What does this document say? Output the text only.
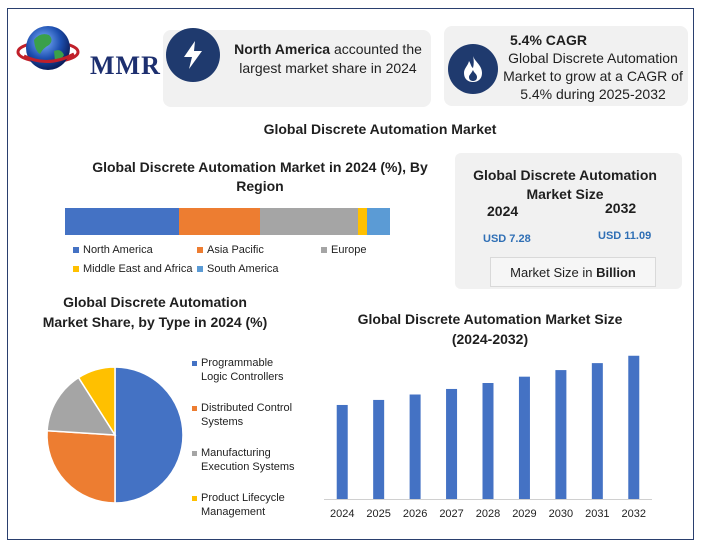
MMR
North America accounted the largest market share in 2024
5.4% CAGR
Global Discrete Automation Market to grow at a CAGR of 5.4% during 2025-2032
Global Discrete Automation Market
Global Discrete Automation Market in 2024 (%), By Region
North America	Asia Pacific	Europe
Middle East and Africa South America
Global Discrete Automation Market Size
2024	2032
USD 7.28	USD 11.09
Market Size in
Billion
Global Discrete Automation Market Share, by Type in 2024 (%)
Programmable Logic Controllers
Distributed Control Systems
Manufacturing Execution Systems
Product Lifecycle Management
Global Discrete Automation Market Size (2024-2032)
2024 2025 2026 2027 2028 2029 2030 2031 2032
